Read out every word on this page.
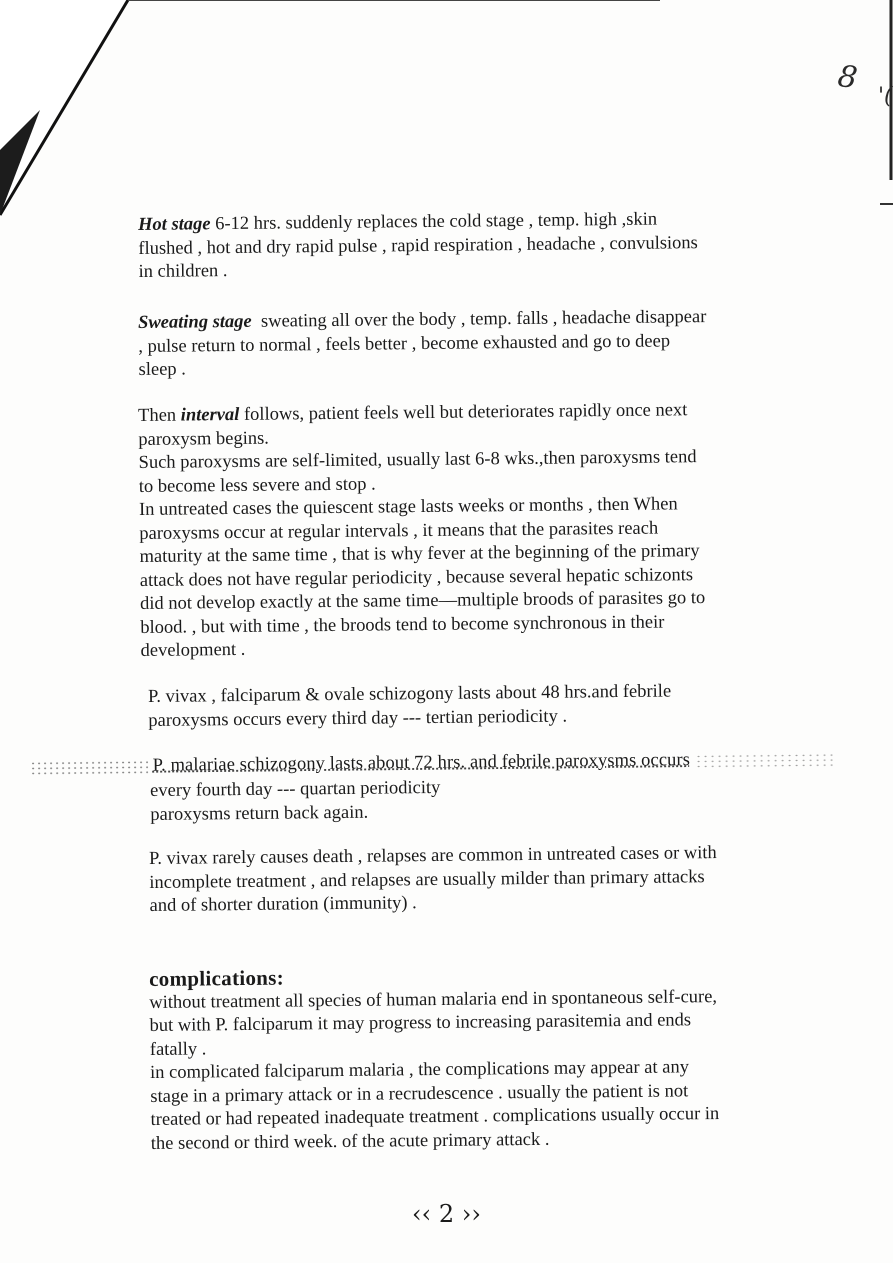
8
'(

Hot stage 6-12 hrs. suddenly replaces the cold stage , temp. high ,skin

flushed , hot and dry rapid pulse , rapid respiration , headache , convulsions

in children .

Sweating stage sweating all over the body , temp. falls , headache disappear

, pulse return to normal , feels better , become exhausted and go to deep

sleep .

Then interval follows, patient feels well but deteriorates rapidly once next

paroxysm begins.

Such paroxysms are self-limited, usually last 6-8 wks.,then paroxysms tend

to become less severe and stop .

In untreated cases the quiescent stage lasts weeks or months , then When

paroxysms occur at regular intervals , it means that the parasites reach

maturity at the same time , that is why fever at the beginning of the primary

attack does not have regular periodicity , because several hepatic schizonts

did not develop exactly at the same time—multiple broods of parasites go to

blood. , but with time , the broods tend to become synchronous in their

development .

P. vivax , falciparum & ovale schizogony lasts about 48 hrs.and febrile

paroxysms occurs every third day --- tertian periodicity .

P. malariae schizogony lasts about 72 hrs. and febrile paroxysms occurs

every fourth day --- quartan periodicity

paroxysms return back again.

P. vivax rarely causes death , relapses are common in untreated cases or with

incomplete treatment , and relapses are usually milder than primary attacks

and of shorter duration (immunity) .

complications:

without treatment all species of human malaria end in spontaneous self-cure,

but with P. falciparum it may progress to increasing parasitemia and ends

fatally .

in complicated falciparum malaria , the complications may appear at any

stage in a primary attack or in a recrudescence . usually the patient is not

treated or had repeated inadequate treatment . complications usually occur in

the second or third week. of the acute primary attack .

‹‹ 2 ››
